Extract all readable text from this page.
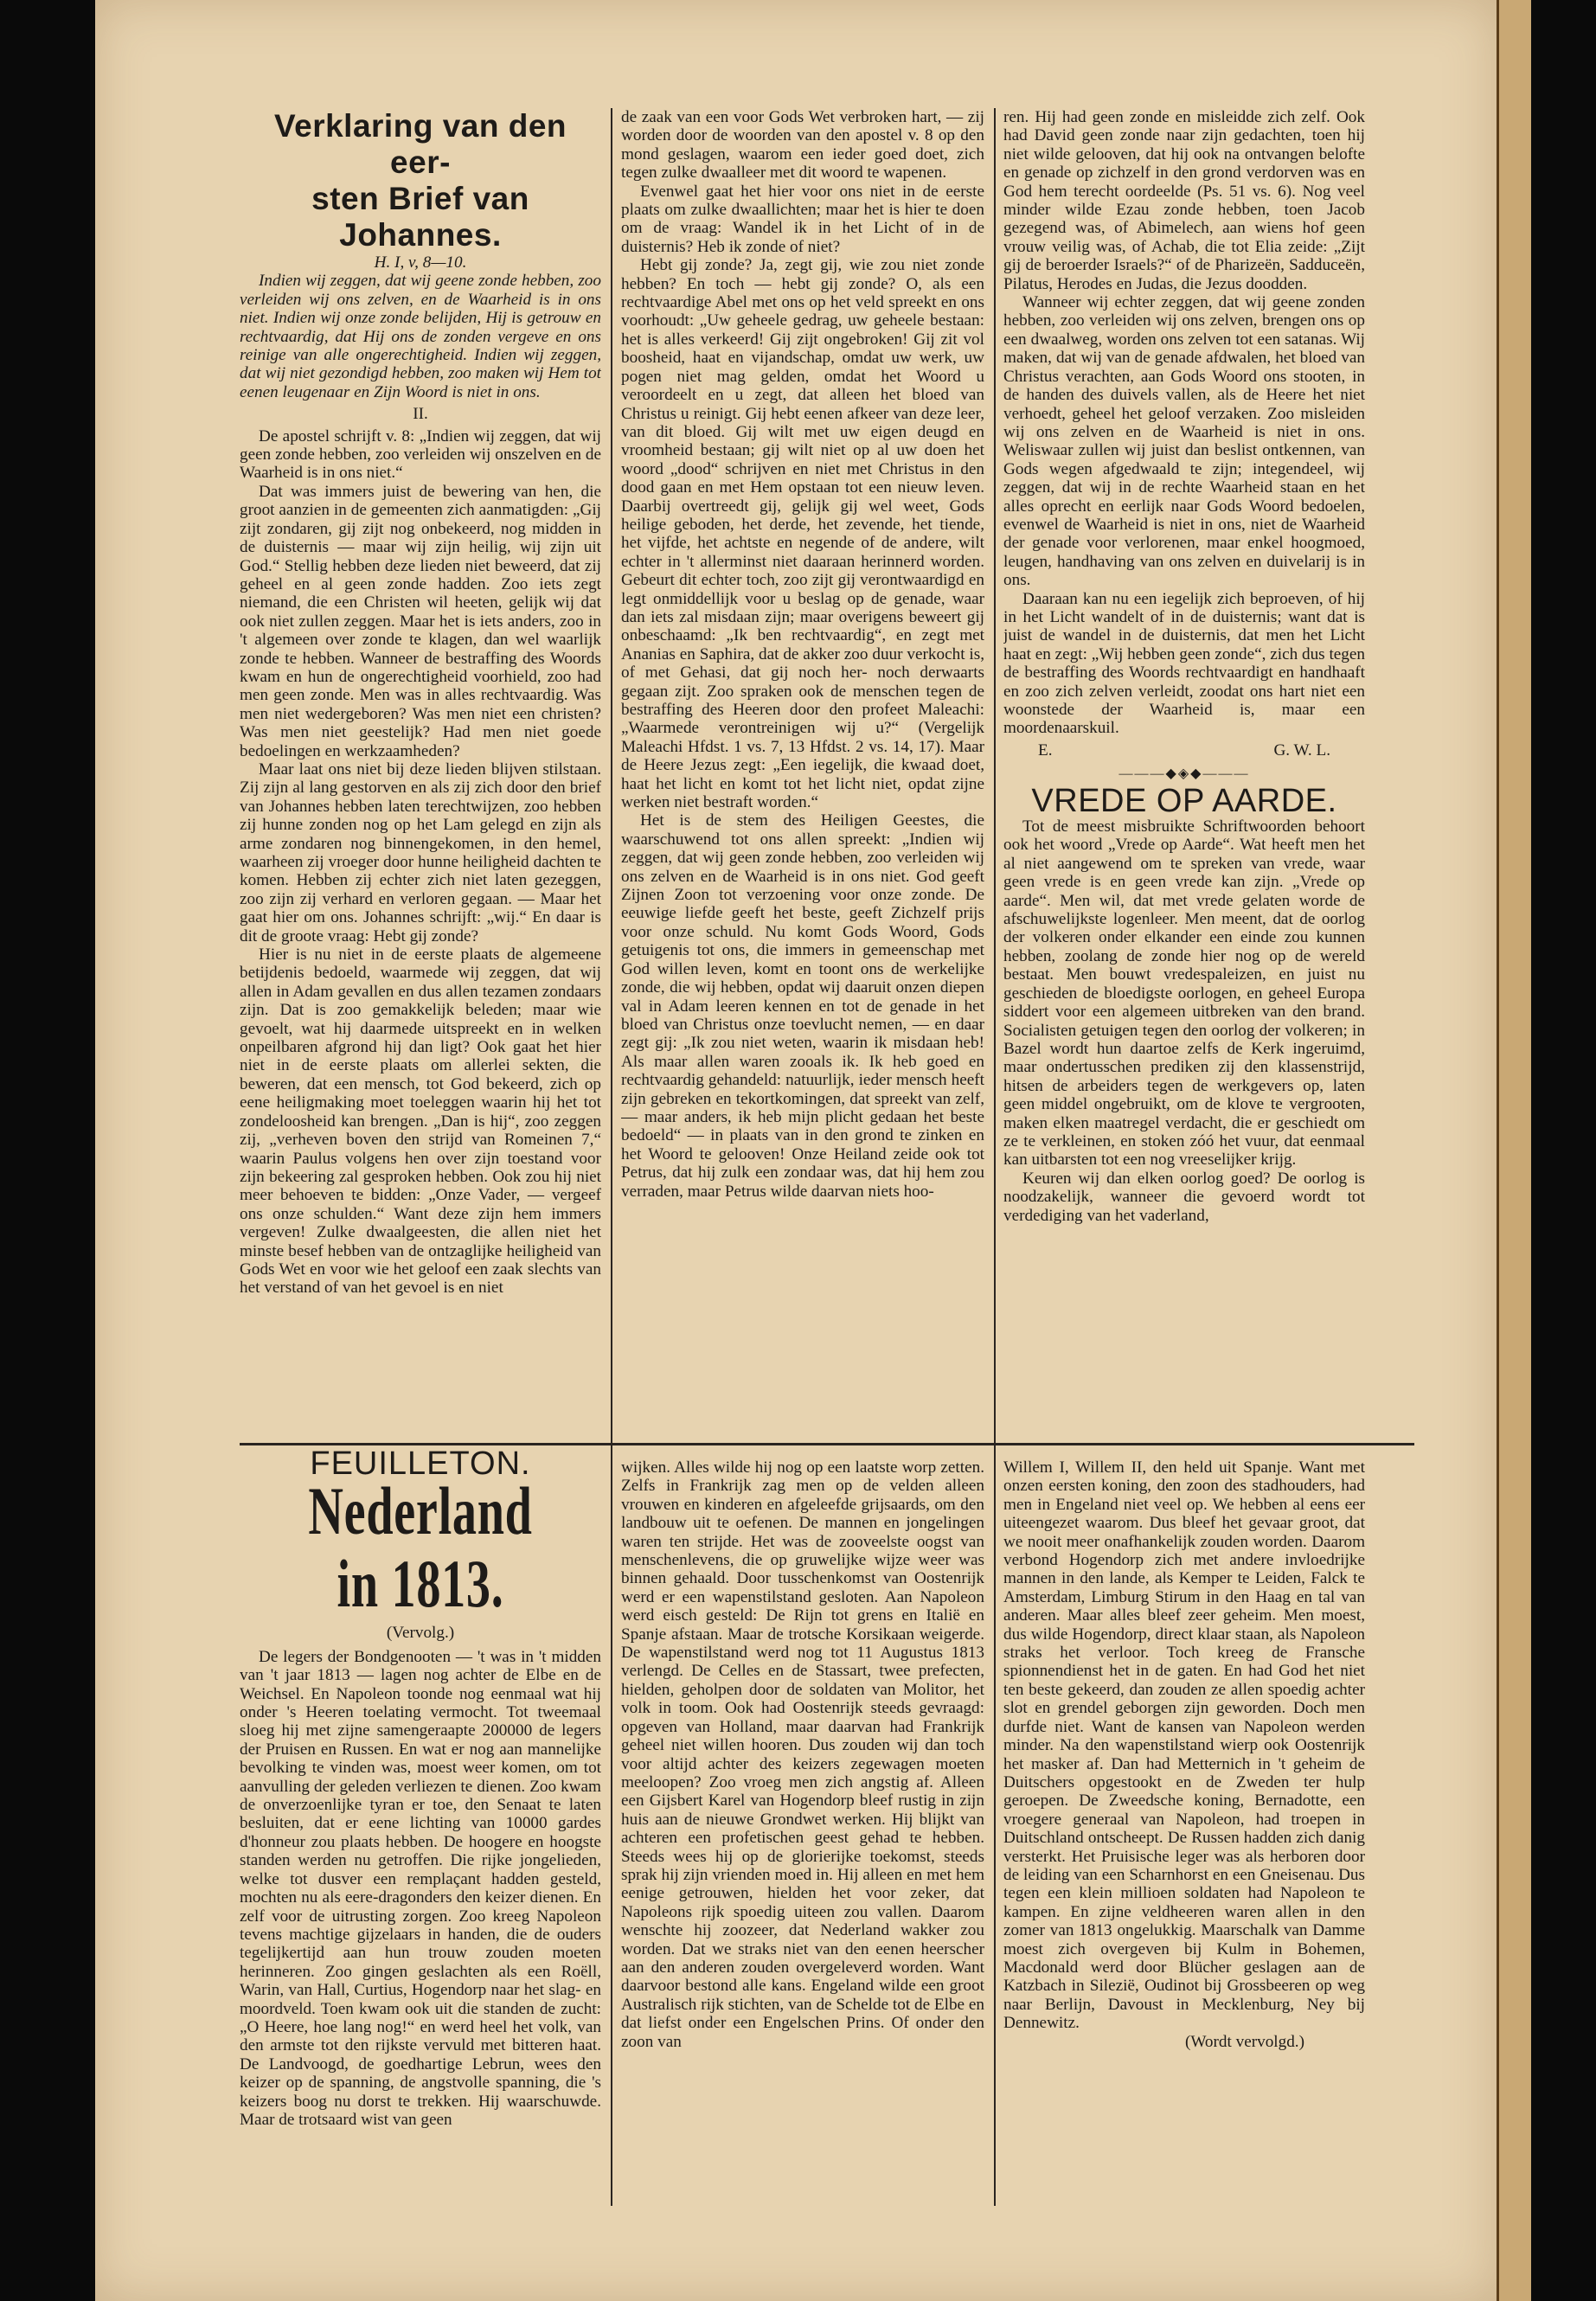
Verklaring van den eer-
sten Brief van Johannes.

H. I, v, 8—10.

Indien wij zeggen, dat wij geene zonde hebben, zoo verleiden wij ons zelven, en de Waarheid is in ons niet. Indien wij onze zonde belijden, Hij is getrouw en rechtvaardig, dat Hij ons de zonden vergeve en ons reinige van alle ongerechtigheid. Indien wij zeggen, dat wij niet gezondigd hebben, zoo maken wij Hem tot eenen leugenaar en Zijn Woord is niet in ons.

II.

De apostel schrijft v. 8: „Indien wij zeggen, dat wij geen zonde hebben, zoo verleiden wij onszelven en de Waarheid is in ons niet.“

Dat was immers juist de bewering van hen, die groot aanzien in de gemeenten zich aanmatigden: „Gij zijt zondaren, gij zijt nog onbekeerd, nog midden in de duisternis — maar wij zijn heilig, wij zijn uit God.“ Stellig hebben deze lieden niet beweerd, dat zij geheel en al geen zonde hadden. Zoo iets zegt niemand, die een Christen wil heeten, gelijk wij dat ook niet zullen zeggen. Maar het is iets anders, zoo in 't algemeen over zonde te klagen, dan wel waarlijk zonde te hebben. Wanneer de bestraffing des Woords kwam en hun de ongerechtigheid voorhield, zoo had men geen zonde. Men was in alles rechtvaardig. Was men niet wedergeboren? Was men niet een christen? Was men niet geestelijk? Had men niet goede bedoelingen en werkzaamheden?

Maar laat ons niet bij deze lieden blijven stilstaan. Zij zijn al lang gestorven en als zij zich door den brief van Johannes hebben laten terechtwijzen, zoo hebben zij hunne zonden nog op het Lam gelegd en zijn als arme zondaren nog binnengekomen, in den hemel, waarheen zij vroeger door hunne heiligheid dachten te komen. Hebben zij echter zich niet laten gezeggen, zoo zijn zij verhard en verloren gegaan. — Maar het gaat hier om ons. Johannes schrijft: „wij.“ En daar is dit de groote vraag: Hebt gij zonde?

Hier is nu niet in de eerste plaats de algemeene betijdenis bedoeld, waarmede wij zeggen, dat wij allen in Adam gevallen en dus allen tezamen zondaars zijn. Dat is zoo gemakkelijk beleden; maar wie gevoelt, wat hij daarmede uitspreekt en in welken onpeilbaren afgrond hij dan ligt? Ook gaat het hier niet in de eerste plaats om allerlei sekten, die beweren, dat een mensch, tot God bekeerd, zich op eene heiligmaking moet toeleggen waarin hij het tot zondeloosheid kan brengen. „Dan is hij“, zoo zeggen zij, „verheven boven den strijd van Romeinen 7,“ waarin Paulus volgens hen over zijn toestand voor zijn bekeering zal gesproken hebben. Ook zou hij niet meer behoeven te bidden: „Onze Vader, — vergeef ons onze schulden.“ Want deze zijn hem immers vergeven! Zulke dwaalgeesten, die allen niet het minste besef hebben van de ontzaglijke heiligheid van Gods Wet en voor wie het geloof een zaak slechts van het verstand of van het gevoel is en niet

de zaak van een voor Gods Wet verbroken hart, — zij worden door de woorden van den apostel v. 8 op den mond geslagen, waarom een ieder goed doet, zich tegen zulke dwaalleer met dit woord te wapenen.

Evenwel gaat het hier voor ons niet in de eerste plaats om zulke dwaallichten; maar het is hier te doen om de vraag: Wandel ik in het Licht of in de duisternis? Heb ik zonde of niet?

Hebt gij zonde? Ja, zegt gij, wie zou niet zonde hebben? En toch — hebt gij zonde? O, als een rechtvaardige Abel met ons op het veld spreekt en ons voorhoudt: „Uw geheele gedrag, uw geheele bestaan: het is alles verkeerd! Gij zijt ongebroken! Gij zit vol boosheid, haat en vijandschap, omdat uw werk, uw pogen niet mag gelden, omdat het Woord u veroordeelt en u zegt, dat alleen het bloed van Christus u reinigt. Gij hebt eenen afkeer van deze leer, van dit bloed. Gij wilt met uw eigen deugd en vroomheid bestaan; gij wilt niet op al uw doen het woord „dood“ schrijven en niet met Christus in den dood gaan en met Hem opstaan tot een nieuw leven. Daarbij overtreedt gij, gelijk gij wel weet, Gods heilige geboden, het derde, het zevende, het tiende, het vijfde, het achtste en negende of de andere, wilt echter in 't allerminst niet daaraan herinnerd worden. Gebeurt dit echter toch, zoo zijt gij verontwaardigd en legt onmiddellijk voor u beslag op de genade, waar dan iets zal misdaan zijn; maar overigens beweert gij onbeschaamd: „Ik ben rechtvaardig“, en zegt met Ananias en Saphira, dat de akker zoo duur verkocht is, of met Gehasi, dat gij noch her- noch derwaarts gegaan zijt. Zoo spraken ook de menschen tegen de bestraffing des Heeren door den profeet Maleachi: „Waarmede verontreinigen wij u?“ (Vergelijk Maleachi Hfdst. 1 vs. 7, 13 Hfdst. 2 vs. 14, 17). Maar de Heere Jezus zegt: „Een iegelijk, die kwaad doet, haat het licht en komt tot het licht niet, opdat zijne werken niet bestraft worden.“

Het is de stem des Heiligen Geestes, die waarschuwend tot ons allen spreekt: „Indien wij zeggen, dat wij geen zonde hebben, zoo verleiden wij ons zelven en de Waarheid is in ons niet. God geeft Zijnen Zoon tot verzoening voor onze zonde. De eeuwige liefde geeft het beste, geeft Zichzelf prijs voor onze schuld. Nu komt Gods Woord, Gods getuigenis tot ons, die immers in gemeenschap met God willen leven, komt en toont ons de werkelijke zonde, die wij hebben, opdat wij daaruit onzen diepen val in Adam leeren kennen en tot de genade in het bloed van Christus onze toevlucht nemen, — en daar zegt gij: „Ik zou niet weten, waarin ik misdaan heb! Als maar allen waren zooals ik. Ik heb goed en rechtvaardig gehandeld: natuurlijk, ieder mensch heeft zijn gebreken en tekortkomingen, dat spreekt van zelf, — maar anders, ik heb mijn plicht gedaan het beste bedoeld“ — in plaats van in den grond te zinken en het Woord te gelooven! Onze Heiland zeide ook tot Petrus, dat hij zulk een zondaar was, dat hij hem zou verraden, maar Petrus wilde daarvan niets hoo-

ren. Hij had geen zonde en misleidde zich zelf. Ook had David geen zonde naar zijn gedachten, toen hij niet wilde gelooven, dat hij ook na ontvangen belofte en genade op zichzelf in den grond verdorven was en God hem terecht oordeelde (Ps. 51 vs. 6). Nog veel minder wilde Ezau zonde hebben, toen Jacob gezegend was, of Abimelech, aan wiens hof geen vrouw veilig was, of Achab, die tot Elia zeide: „Zijt gij de beroerder Israels?“ of de Pharizeën, Sadduceën, Pilatus, Herodes en Judas, die Jezus doodden.

Wanneer wij echter zeggen, dat wij geene zonden hebben, zoo verleiden wij ons zelven, brengen ons op een dwaalweg, worden ons zelven tot een satanas. Wij maken, dat wij van de genade afdwalen, het bloed van Christus verachten, aan Gods Woord ons stooten, in de handen des duivels vallen, als de Heere het niet verhoedt, geheel het geloof verzaken. Zoo misleiden wij ons zelven en de Waarheid is niet in ons. Weliswaar zullen wij juist dan beslist ontkennen, van Gods wegen afgedwaald te zijn; integendeel, wij zeggen, dat wij in de rechte Waarheid staan en het alles oprecht en eerlijk naar Gods Woord bedoelen, evenwel de Waarheid is niet in ons, niet de Waarheid der genade voor verlorenen, maar enkel hoogmoed, leugen, handhaving van ons zelven en duivelarij is in ons.

Daaraan kan nu een iegelijk zich beproeven, of hij in het Licht wandelt of in de duisternis; want dat is juist de wandel in de duisternis, dat men het Licht haat en zegt: „Wij hebben geen zonde“, zich dus tegen de bestraffing des Woords rechtvaardigt en handhaaft en zoo zich zelven verleidt, zoodat ons hart niet een woonstede der Waarheid is, maar een moordenaarskuil.

E.	G. W. L.
———◆◈◆———
VREDE OP AARDE.

Tot de meest misbruikte Schriftwoorden behoort ook het woord „Vrede op Aarde“. Wat heeft men het al niet aangewend om te spreken van vrede, waar geen vrede is en geen vrede kan zijn. „Vrede op aarde“. Men wil, dat met vrede gelaten worde de afschuwelijkste logenleer. Men meent, dat de oorlog der volkeren onder elkander een einde zou kunnen hebben, zoolang de zonde hier nog op de wereld bestaat. Men bouwt vredespaleizen, en juist nu geschieden de bloedigste oorlogen, en geheel Europa siddert voor een algemeen uitbreken van den brand. Socialisten getuigen tegen den oorlog der volkeren; in Bazel wordt hun daartoe zelfs de Kerk ingeruimd, maar ondertusschen prediken zij den klassenstrijd, hitsen de arbeiders tegen de werkgevers op, laten geen middel ongebruikt, om de klove te vergrooten, maken elken maatregel verdacht, die er geschiedt om ze te verkleinen, en stoken zóó het vuur, dat eenmaal kan uitbarsten tot een nog vreeselijker krijg.

Keuren wij dan elken oorlog goed? De oorlog is noodzakelijk, wanneer die gevoerd wordt tot verdediging van het vaderland,

FEUILLETON.
Nederland in 1813.

(Vervolg.)

De legers der Bondgenooten — 't was in 't midden van 't jaar 1813 — lagen nog achter de Elbe en de Weichsel. En Napoleon toonde nog eenmaal wat hij onder 's Heeren toelating vermocht. Tot tweemaal sloeg hij met zijne samengeraapte 200000 de legers der Pruisen en Russen. En wat er nog aan mannelijke bevolking te vinden was, moest weer komen, om tot aanvulling der geleden verliezen te dienen. Zoo kwam de onverzoenlijke tyran er toe, den Senaat te laten besluiten, dat er eene lichting van 10000 gardes d'honneur zou plaats hebben. De hoogere en hoogste standen werden nu getroffen. Die rijke jongelieden, welke tot dusver een remplaçant hadden gesteld, mochten nu als eere-dragonders den keizer dienen. En zelf voor de uitrusting zorgen. Zoo kreeg Napoleon tevens machtige gijzelaars in handen, die de ouders tegelijkertijd aan hun trouw zouden moeten herinneren. Zoo gingen geslachten als een Roëll, Warin, van Hall, Curtius, Hogendorp naar het slag- en moordveld. Toen kwam ook uit die standen de zucht: „O Heere, hoe lang nog!“ en werd heel het volk, van den armste tot den rijkste vervuld met bitteren haat. De Landvoogd, de goedhartige Lebrun, wees den keizer op de spanning, de angstvolle spanning, die 's keizers boog nu dorst te trekken. Hij waarschuwde. Maar de trotsaard wist van geen

wijken. Alles wilde hij nog op een laatste worp zetten. Zelfs in Frankrijk zag men op de velden alleen vrouwen en kinderen en afgeleefde grijsaards, om den landbouw uit te oefenen. De mannen en jongelingen waren ten strijde. Het was de zooveelste oogst van menschenlevens, die op gruwelijke wijze weer was binnen gehaald. Door tusschenkomst van Oostenrijk werd er een wapenstilstand gesloten. Aan Napoleon werd eisch gesteld: De Rijn tot grens en Italië en Spanje afstaan. Maar de trotsche Korsikaan weigerde. De wapenstilstand werd nog tot 11 Augustus 1813 verlengd. De Celles en de Stassart, twee prefecten, hielden, geholpen door de soldaten van Molitor, het volk in toom. Ook had Oostenrijk steeds gevraagd: opgeven van Holland, maar daarvan had Frankrijk geheel niet willen hooren. Dus zouden wij dan toch voor altijd achter des keizers zegewagen moeten meeloopen? Zoo vroeg men zich angstig af. Alleen een Gijsbert Karel van Hogendorp bleef rustig in zijn huis aan de nieuwe Grondwet werken. Hij blijkt van achteren een profetischen geest gehad te hebben. Steeds wees hij op de glorierijke toekomst, steeds sprak hij zijn vrienden moed in. Hij alleen en met hem eenige getrouwen, hielden het voor zeker, dat Napoleons rijk spoedig uiteen zou vallen. Daarom wenschte hij zoozeer, dat Nederland wakker zou worden. Dat we straks niet van den eenen heerscher aan den anderen zouden overgeleverd worden. Want daarvoor bestond alle kans. Engeland wilde een groot Australisch rijk stichten, van de Schelde tot de Elbe en dat liefst onder een Engelschen Prins. Of onder den zoon van

Willem I, Willem II, den held uit Spanje. Want met onzen eersten koning, den zoon des stadhouders, had men in Engeland niet veel op. We hebben al eens eer uiteengezet waarom. Dus bleef het gevaar groot, dat we nooit meer onafhankelijk zouden worden. Daarom verbond Hogendorp zich met andere invloedrijke mannen in den lande, als Kemper te Leiden, Falck te Amsterdam, Limburg Stirum in den Haag en tal van anderen. Maar alles bleef zeer geheim. Men moest, dus wilde Hogendorp, direct klaar staan, als Napoleon straks het verloor. Toch kreeg de Fransche spionnendienst het in de gaten. En had God het niet ten beste gekeerd, dan zouden ze allen spoedig achter slot en grendel geborgen zijn geworden. Doch men durfde niet. Want de kansen van Napoleon werden minder. Na den wapenstilstand wierp ook Oostenrijk het masker af. Dan had Metternich in 't geheim de Duitschers opgestookt en de Zweden ter hulp geroepen. De Zweedsche koning, Bernadotte, een vroegere generaal van Napoleon, had troepen in Duitschland ontscheept. De Russen hadden zich danig versterkt. Het Pruisische leger was als herboren door de leiding van een Scharnhorst en een Gneisenau. Dus tegen een klein millioen soldaten had Napoleon te kampen. En zijne veldheeren waren allen in den zomer van 1813 ongelukkig. Maarschalk van Damme moest zich overgeven bij Kulm in Bohemen, Macdonald werd door Blücher geslagen aan de Katzbach in Silezië, Oudinot bij Grossbeeren op weg naar Berlijn, Davoust in Mecklenburg, Ney bij Dennewitz.

(Wordt vervolgd.)
